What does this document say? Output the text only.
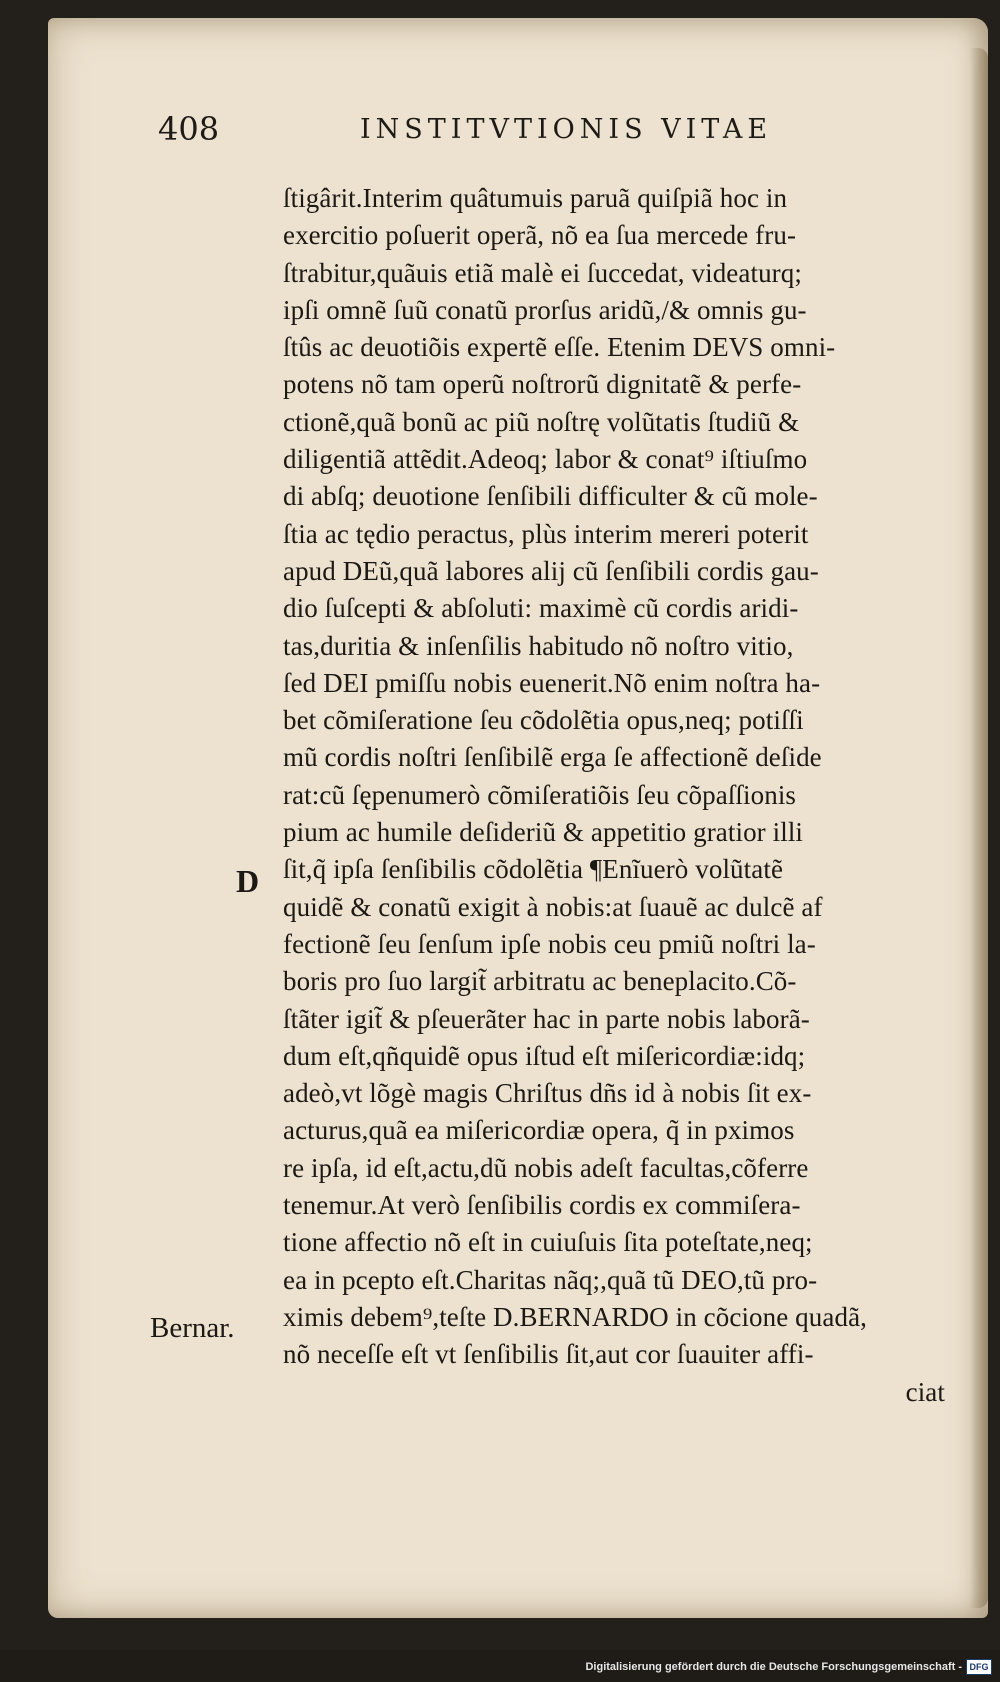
408	INSTITVTIONIS VITAE
ſtigârit.Interim quâtumuis paruã quiſpiã hoc in
exercitio poſuerit operã, nõ ea ſua mercede fru-
ſtrabitur,quãuis etiã malè ei ſuccedat, videaturq;
ipſi omnẽ ſuũ conatũ prorſus aridũ,/& omnis gu-
ſtûs ac deuotiõis expertẽ eſſe. Etenim DEVS omni-
potens nõ tam operũ noſtrorũ dignitatẽ & perfe-
ctionẽ,quã bonũ ac piũ noſtrę volũtatis ſtudiũ &
diligentiã attẽdit.Adeoq; labor & conat⁹ iſtiuſmo
di abſq; deuotione ſenſibili difficulter & cũ mole-
ſtia ac tędio peractus, plùs interim mereri poterit
apud DEũ,quã labores alij cũ ſenſibili cordis gau-
dio ſuſcepti & abſoluti: maximè cũ cordis aridi-
tas,duritia & inſenſilis habitudo nõ noſtro vitio,
ſed DEI pmiſſu nobis euenerit.Nõ enim noſtra ha-
bet cõmiſeratione ſeu cõdolẽtia opus,neq; potiſſi
mũ cordis noſtri ſenſibilẽ erga ſe affectionẽ deſide
rat:cũ ſępenumerò cõmiſeratiõis ſeu cõpaſſionis
pium ac humile deſideriũ & appetitio gratior illi
ſit,q̃ ipſa ſenſibilis cõdolẽtia ¶Enĩuerò volũtatẽ
quidẽ & conatũ exigit à nobis:at ſuauẽ ac dulcẽ af
fectionẽ ſeu ſenſum ipſe nobis ceu pmiũ noſtri la-
boris pro ſuo largit̃ arbitratu ac beneplacito.Cõ-
ſtãter igit̃ & pſeuerãter hac in parte nobis laborã-
dum eſt,qñquidẽ opus iſtud eſt miſericordiæ:idq;
adeò,vt lõgè magis Chriſtus dñs id à nobis ſit ex-
acturus,quã ea miſericordiæ opera, q̃ in pximos
re ipſa, id eſt,actu,dũ nobis adeſt facultas,cõferre
tenemur.At verò ſenſibilis cordis ex commiſera-
tione affectio nõ eſt in cuiuſuis ſita poteſtate,neq;
ea in pcepto eſt.Charitas nãq;,quã tũ DEO,tũ pro-
ximis debem⁹,teſte D.BERNARDO in cõcione quadã,
nõ neceſſe eſt vt ſenſibilis ſit,aut cor ſuauiter affi-
ciat
D
Bernar.
Digitalisierung gefördert durch die Deutsche Forschungsgemeinschaft - DFG
